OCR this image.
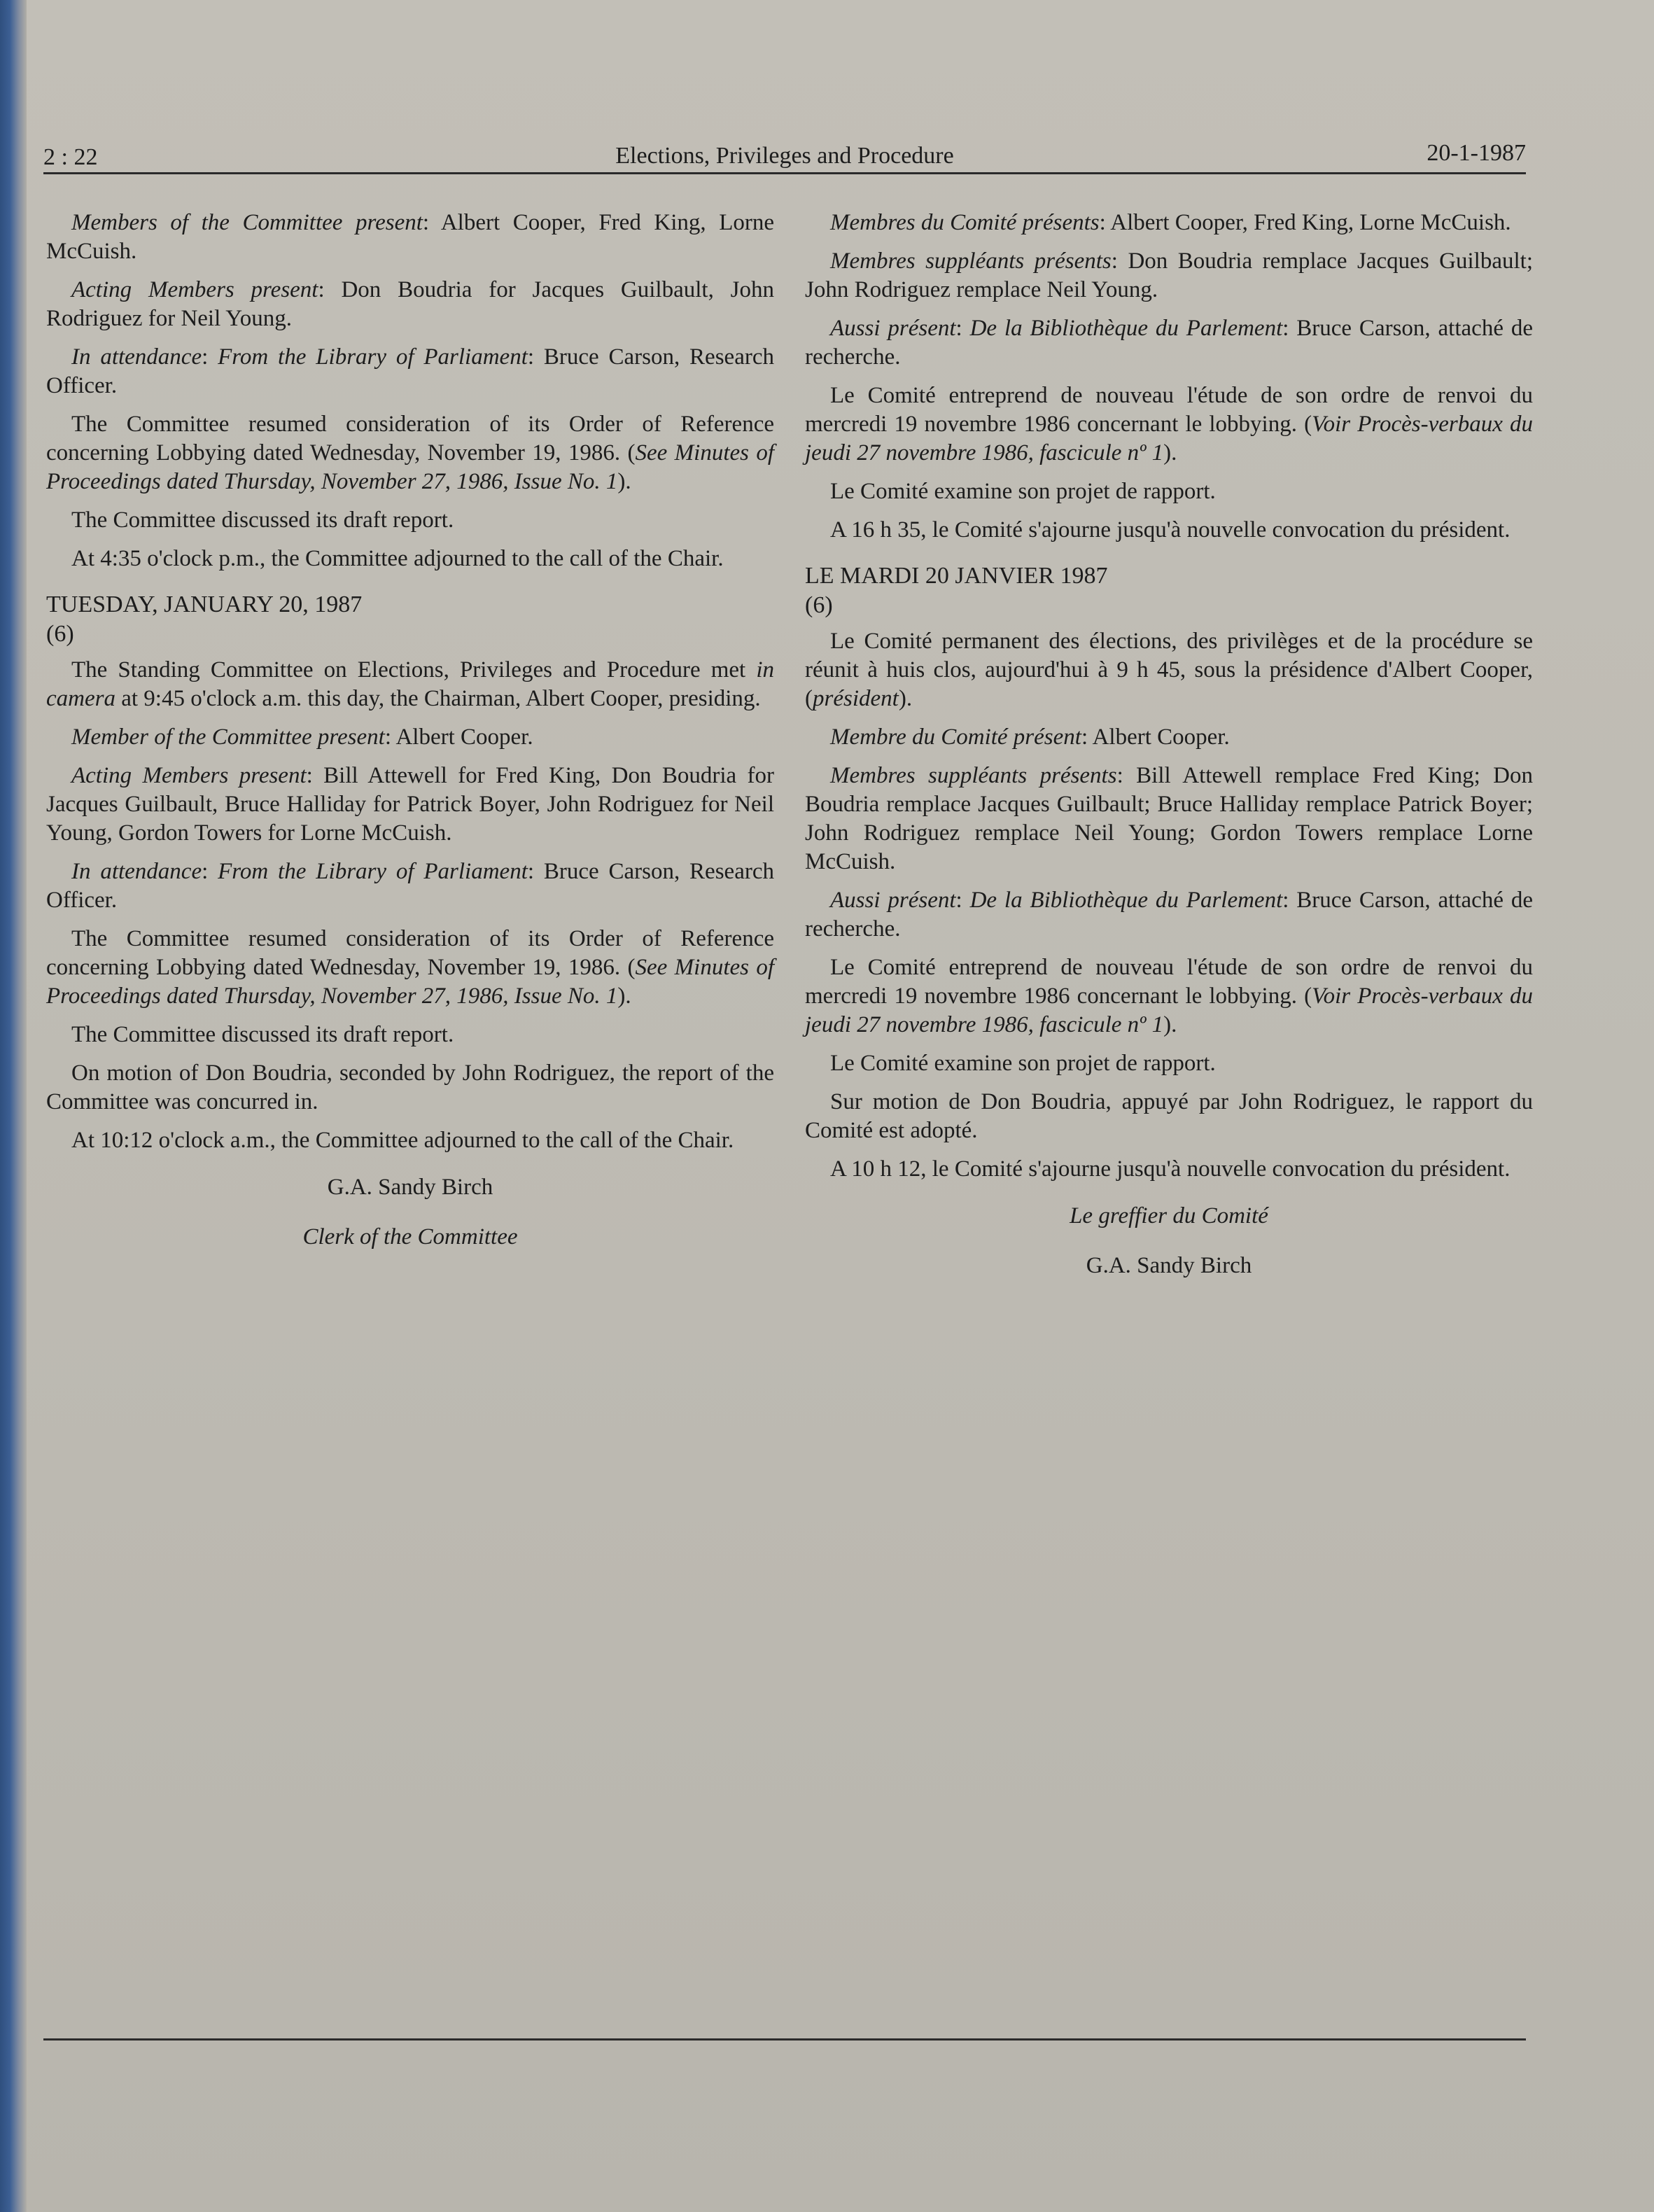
2 : 22	Elections, Privileges and Procedure	20-1-1987

Members of the Committee present: Albert Cooper, Fred King, Lorne McCuish.

Acting Members present: Don Boudria for Jacques Guilbault, John Rodriguez for Neil Young.

In attendance: From the Library of Parliament: Bruce Carson, Research Officer.

The Committee resumed consideration of its Order of Reference concerning Lobbying dated Wednesday, November 19, 1986. (See Minutes of Proceedings dated Thursday, November 27, 1986, Issue No. 1).

The Committee discussed its draft report.

At 4:35 o'clock p.m., the Committee adjourned to the call of the Chair.

TUESDAY, JANUARY 20, 1987
(6)

The Standing Committee on Elections, Privileges and Procedure met in camera at 9:45 o'clock a.m. this day, the Chairman, Albert Cooper, presiding.

Member of the Committee present: Albert Cooper.

Acting Members present: Bill Attewell for Fred King, Don Boudria for Jacques Guilbault, Bruce Halliday for Patrick Boyer, John Rodriguez for Neil Young, Gordon Towers for Lorne McCuish.

In attendance: From the Library of Parliament: Bruce Carson, Research Officer.

The Committee resumed consideration of its Order of Reference concerning Lobbying dated Wednesday, November 19, 1986. (See Minutes of Proceedings dated Thursday, November 27, 1986, Issue No. 1).

The Committee discussed its draft report.

On motion of Don Boudria, seconded by John Rodriguez, the report of the Committee was concurred in.

At 10:12 o'clock a.m., the Committee adjourned to the call of the Chair.

G.A. Sandy Birch

Clerk of the Committee

Membres du Comité présents: Albert Cooper, Fred King, Lorne McCuish.

Membres suppléants présents: Don Boudria remplace Jacques Guilbault; John Rodriguez remplace Neil Young.

Aussi présent: De la Bibliothèque du Parlement: Bruce Carson, attaché de recherche.

Le Comité entreprend de nouveau l'étude de son ordre de renvoi du mercredi 19 novembre 1986 concernant le lobbying. (Voir Procès-verbaux du jeudi 27 novembre 1986, fascicule nº 1).

Le Comité examine son projet de rapport.

A 16 h 35, le Comité s'ajourne jusqu'à nouvelle convocation du président.

LE MARDI 20 JANVIER 1987
(6)

Le Comité permanent des élections, des privilèges et de la procédure se réunit à huis clos, aujourd'hui à 9 h 45, sous la présidence d'Albert Cooper, (président).

Membre du Comité présent: Albert Cooper.

Membres suppléants présents: Bill Attewell remplace Fred King; Don Boudria remplace Jacques Guilbault; Bruce Halliday remplace Patrick Boyer; John Rodriguez remplace Neil Young; Gordon Towers remplace Lorne McCuish.

Aussi présent: De la Bibliothèque du Parlement: Bruce Carson, attaché de recherche.

Le Comité entreprend de nouveau l'étude de son ordre de renvoi du mercredi 19 novembre 1986 concernant le lobbying. (Voir Procès-verbaux du jeudi 27 novembre 1986, fascicule nº 1).

Le Comité examine son projet de rapport.

Sur motion de Don Boudria, appuyé par John Rodriguez, le rapport du Comité est adopté.

A 10 h 12, le Comité s'ajourne jusqu'à nouvelle convocation du président.

Le greffier du Comité

G.A. Sandy Birch
